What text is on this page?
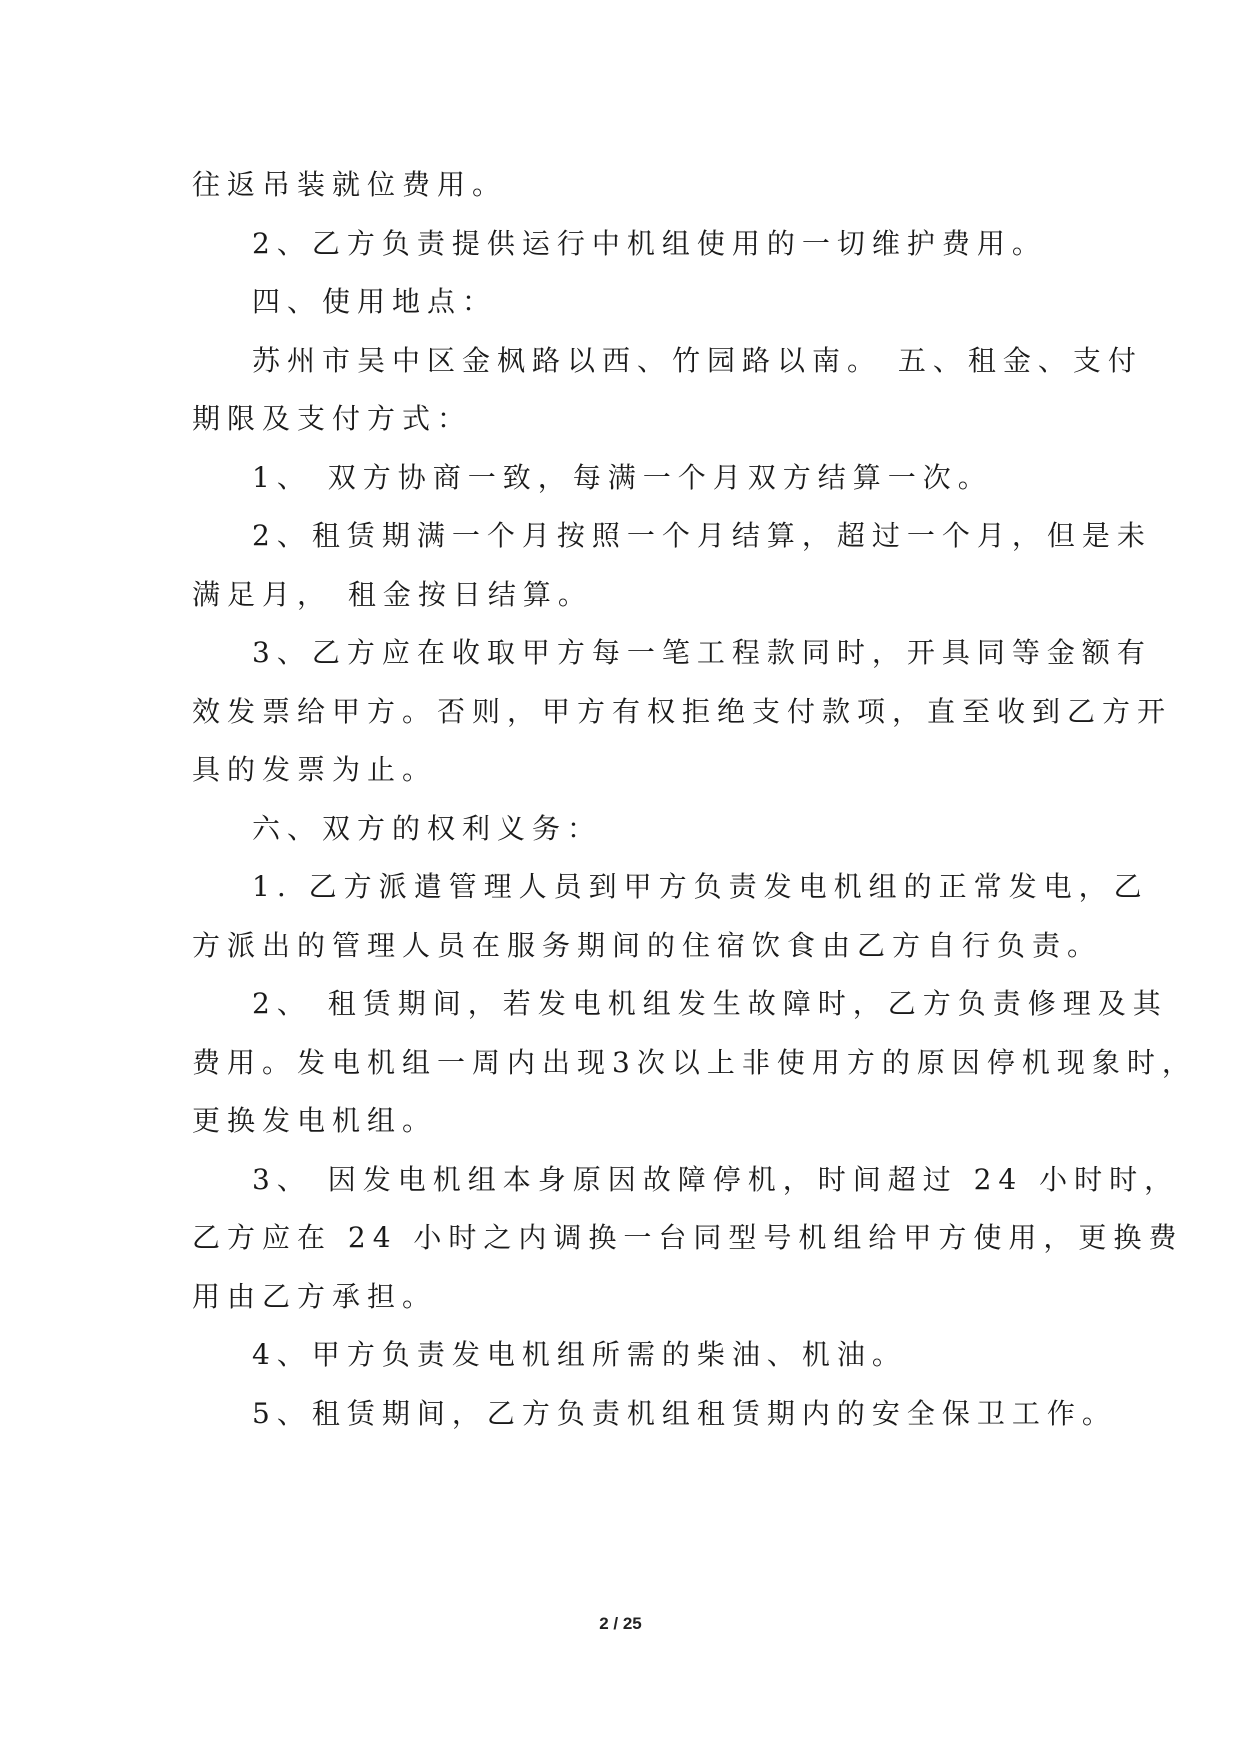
往返吊装就位费用。
2、乙方负责提供运行中机组使用的一切维护费用。
四、使用地点：
苏州市吴中区金枫路以西、竹园路以南。 五、租金、支付
期限及支付方式：
1、 双方协商一致，每满一个月双方结算一次。
2、租赁期满一个月按照一个月结算，超过一个月，但是未
满足月， 租金按日结算。
3、乙方应在收取甲方每一笔工程款同时，开具同等金额有
效发票给甲方。否则，甲方有权拒绝支付款项，直至收到乙方开
具的发票为止。
六、双方的权利义务：
1. 乙方派遣管理人员到甲方负责发电机组的正常发电，乙
方派出的管理人员在服务期间的住宿饮食由乙方自行负责。
2、 租赁期间，若发电机组发生故障时，乙方负责修理及其
费用。发电机组一周内出现3次以上非使用方的原因停机现象时，
更换发电机组。
3、 因发电机组本身原因故障停机，时间超过 24 小时时，
乙方应在 24 小时之内调换一台同型号机组给甲方使用，更换费
用由乙方承担。
4、甲方负责发电机组所需的柴油、机油。
5、租赁期间，乙方负责机组租赁期内的安全保卫工作。
2 / 25
